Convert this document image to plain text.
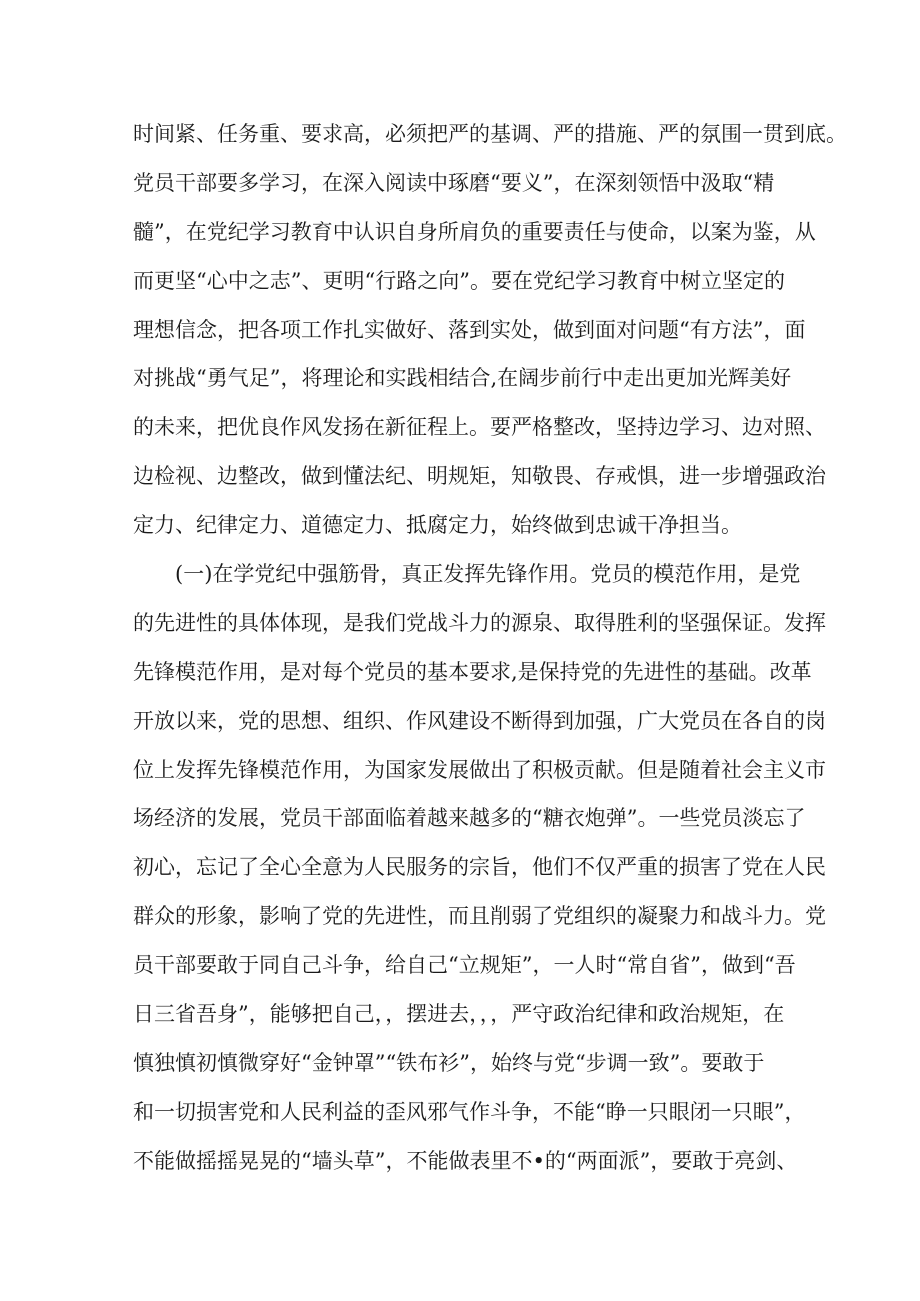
时间紧、任务重、要求高，必须把严的基调、严的措施、严的氛围一贯到底。
党员干部要多学习，在深入阅读中琢磨“要义”，在深刻领悟中汲取“精
髓”，在党纪学习教育中认识自身所肩负的重要责任与使命，以案为鉴，从
而更坚“心中之志”、更明“行路之向”。要在党纪学习教育中树立坚定的
理想信念，把各项工作扎实做好、落到实处，做到面对问题“有方法”，面
对挑战“勇气足”，将理论和实践相结合,在阔步前行中走出更加光辉美好
的未来，把优良作风发扬在新征程上。要严格整改，坚持边学习、边对照、
边检视、边整改，做到懂法纪、明规矩，知敬畏、存戒惧，进一步增强政治
定力、纪律定力、道德定力、抵腐定力，始终做到忠诚干净担当。
　　(一)在学党纪中强筋骨，真正发挥先锋作用。党员的模范作用，是党
的先进性的具体体现，是我们党战斗力的源泉、取得胜利的坚强保证。发挥
先锋模范作用，是对每个党员的基本要求,是保持党的先进性的基础。改革
开放以来，党的思想、组织、作风建设不断得到加强，广大党员在各自的岗
位上发挥先锋模范作用，为国家发展做出了积极贡献。但是随着社会主义市
场经济的发展，党员干部面临着越来越多的“糖衣炮弹”。一些党员淡忘了
初心，忘记了全心全意为人民服务的宗旨，他们不仅严重的损害了党在人民
群众的形象，影响了党的先进性，而且削弱了党组织的凝聚力和战斗力。党
员干部要敢于同自己斗争，给自己“立规矩”，一人时“常自省”，做到“吾
日三省吾身”，能够把自己，，摆进去，，，严守政治纪律和政治规矩，在
慎独慎初慎微穿好“金钟罩”“铁布衫”，始终与党“步调一致”。要敢于
和一切损害党和人民利益的歪风邪气作斗争，不能“睁一只眼闭一只眼”，
不能做摇摇晃晃的“墙头草”，不能做表里不•的“两面派”，要敢于亮剑、
